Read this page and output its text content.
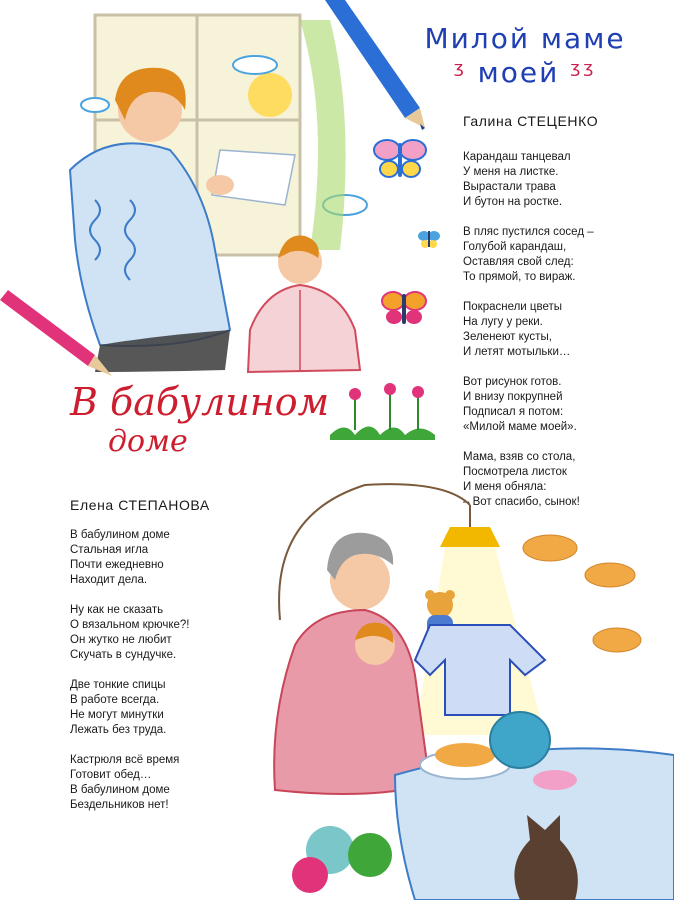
Милой маме
ᶾ моей ᶾᶾ
Галина СТЕЦЕНКО
Карандаш танцевал
У меня на листке.
Вырастали трава
И бутон на ростке.
В пляс пустился сосед –
Голубой карандаш,
Оставляя свой след:
То прямой, то вираж.
Покраснели цветы
На лугу у реки.
Зеленеют кусты,
И летят мотыльки…
Вот рисунок готов.
И внизу покрупней
Подписал я потом:
«Милой маме моей».
Мама, взяв со стола,
Посмотрела листок
И меня обняла:
– Вот спасибо, сынок!
В бабулином
доме
Елена СТЕПАНОВА
В бабулином доме
Стальная игла
Почти ежедневно
Находит дела.
Ну как не сказать
О вязальном крючке?!
Он жутко не любит
Скучать в сундучке.
Две тонкие спицы
В работе всегда.
Не могут минутки
Лежать без труда.
Кастрюля всё время
Готовит обед…
В бабулином доме
Бездельников нет!
